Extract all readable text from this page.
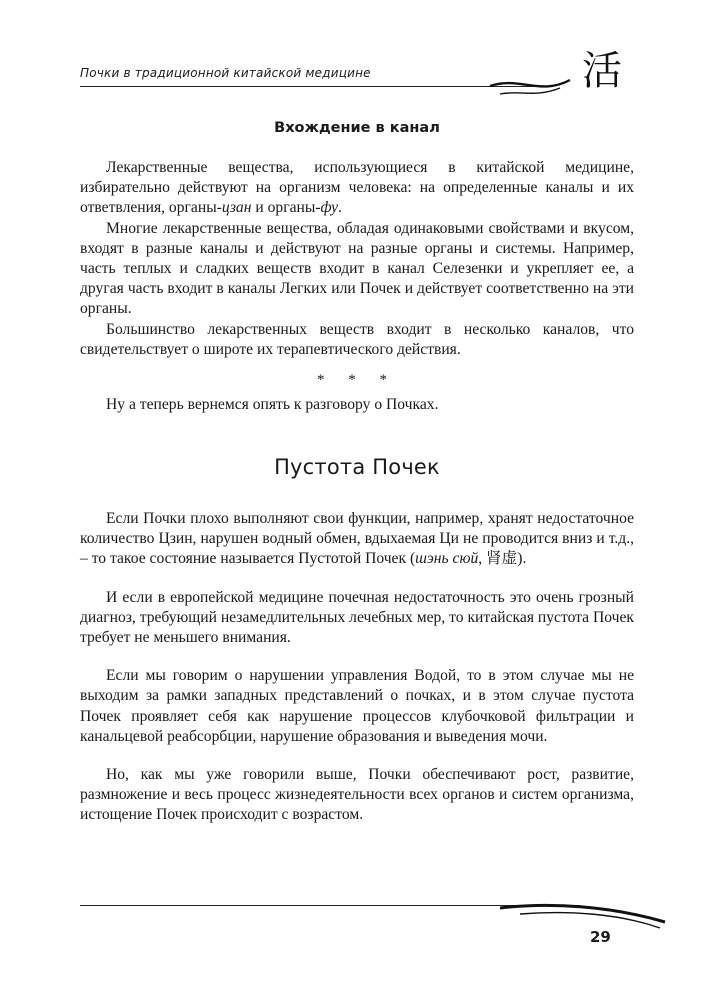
Почки в традиционной китайской медицине	活
Вхождение в канал

Лекарственные вещества, использующиеся в китайской медицине, избирательно действуют на организм человека: на определенные каналы и их ответвления, органы-цзан и органы-фу.

Многие лекарственные вещества, обладая одинаковыми свойствами и вкусом, входят в разные каналы и действуют на разные органы и системы. Например, часть теплых и сладких веществ входит в канал Селезенки и укрепляет ее, а другая часть входит в каналы Легких или Почек и действует соответственно на эти органы.

Большинство лекарственных веществ входит в несколько каналов, что свидетельствует о широте их терапевтического действия.

* * *

Ну а теперь вернемся опять к разговору о Почках.

Пустота Почек

Если Почки плохо выполняют свои функции, например, хранят недостаточное количество Цзин, нарушен водный обмен, вдыхаемая Ци не проводится вниз и т.д., – то такое состояние называется Пустотой Почек (шэнь сюй, 肾虚).

И если в европейской медицине почечная недостаточность это очень грозный диагноз, требующий незамедлительных лечебных мер, то китайская пустота Почек требует не меньшего внимания.

Если мы говорим о нарушении управления Водой, то в этом случае мы не выходим за рамки западных представлений о почках, и в этом случае пустота Почек проявляет себя как нарушение процессов клубочковой фильтрации и канальцевой реабсорбции, нарушение образования и выведения мочи.

Но, как мы уже говорили выше, Почки обеспечивают рост, развитие, размножение и весь процесс жизнедеятельности всех органов и систем организма, истощение Почек происходит с возрастом.

29
